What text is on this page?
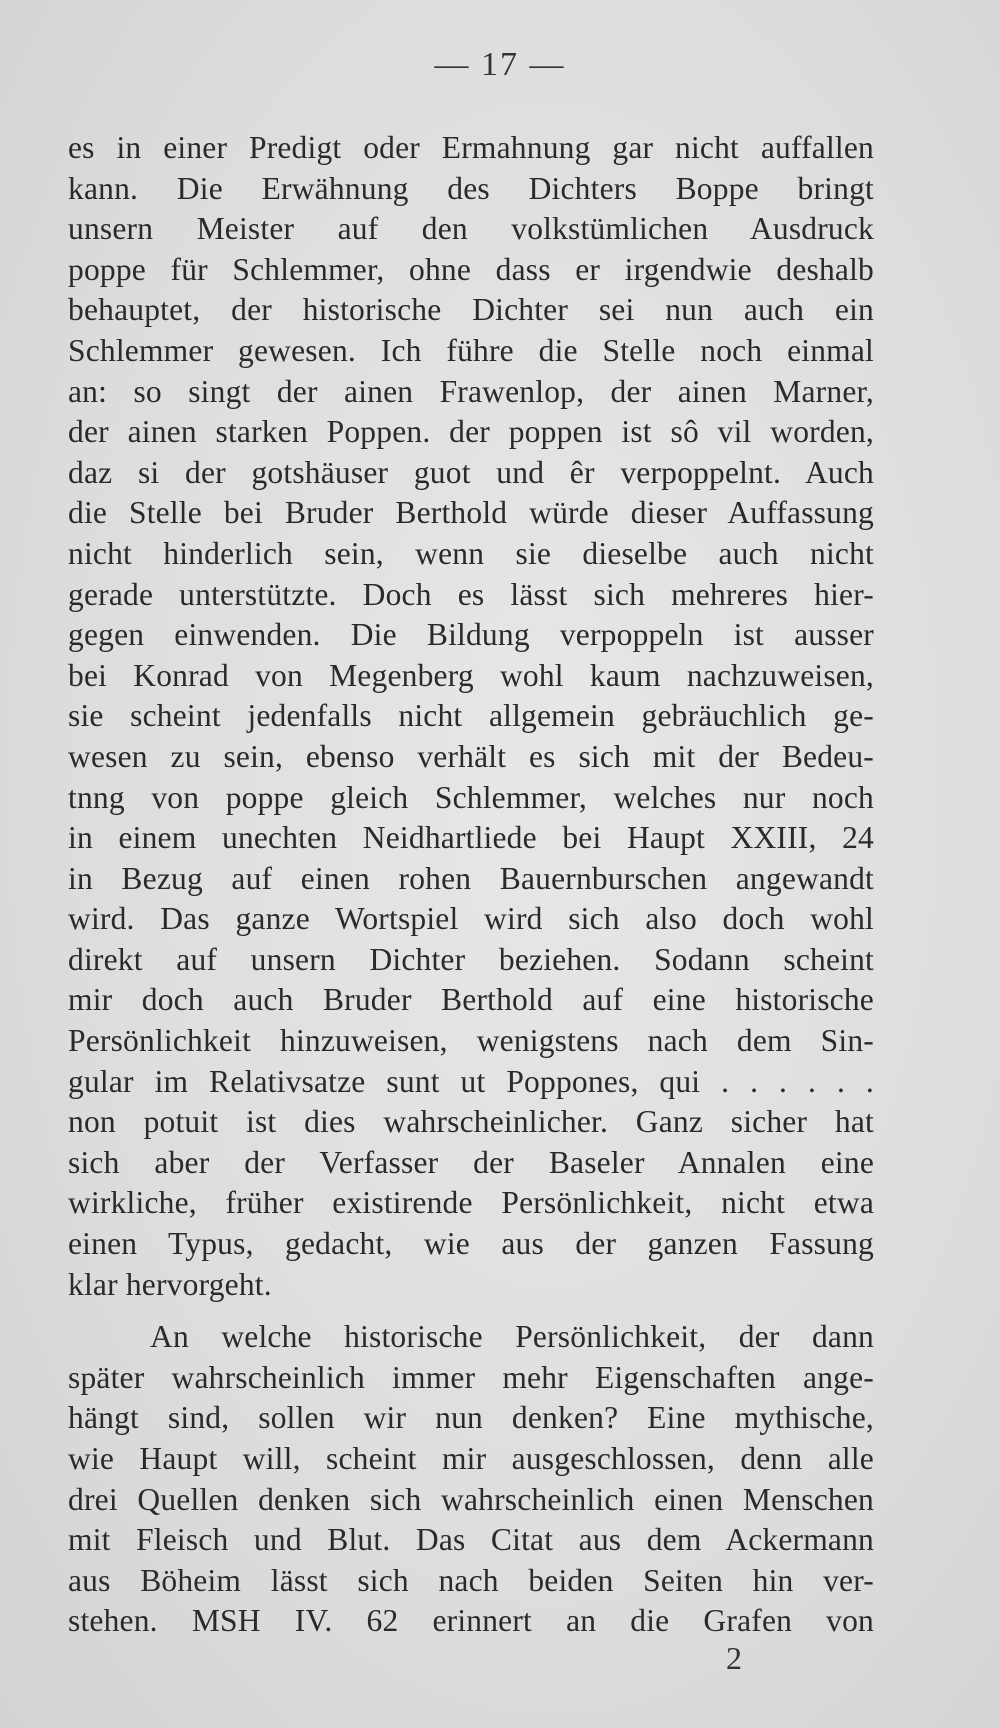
— 17 —
es in einer Predigt oder Ermahnung gar nicht auffallen
kann. Die Erwähnung des Dichters Boppe bringt
unsern Meister auf den volkstümlichen Ausdruck
poppe für Schlemmer, ohne dass er irgendwie deshalb
behauptet, der historische Dichter sei nun auch ein
Schlemmer gewesen. Ich führe die Stelle noch einmal
an: so singt der ainen Frawenlop, der ainen Marner,
der ainen starken Poppen. der poppen ist sô vil worden,
daz si der gotshäuser guot und êr verpoppelnt. Auch
die Stelle bei Bruder Berthold würde dieser Auffassung
nicht hinderlich sein, wenn sie dieselbe auch nicht
gerade unterstützte. Doch es lässt sich mehreres hier-
gegen einwenden. Die Bildung verpoppeln ist ausser
bei Konrad von Megenberg wohl kaum nachzuweisen,
sie scheint jedenfalls nicht allgemein gebräuchlich ge-
wesen zu sein, ebenso verhält es sich mit der Bedeu-
tnng von poppe gleich Schlemmer, welches nur noch
in einem unechten Neidhartliede bei Haupt XXIII, 24
in Bezug auf einen rohen Bauernburschen angewandt
wird. Das ganze Wortspiel wird sich also doch wohl
direkt auf unsern Dichter beziehen. Sodann scheint
mir doch auch Bruder Berthold auf eine historische
Persönlichkeit hinzuweisen, wenigstens nach dem Sin-
gular im Relativsatze sunt ut Poppones, qui . . . . . .
non potuit ist dies wahrscheinlicher. Ganz sicher hat
sich aber der Verfasser der Baseler Annalen eine
wirkliche, früher existirende Persönlichkeit, nicht etwa
einen Typus, gedacht, wie aus der ganzen Fassung
klar hervorgeht.
An welche historische Persönlichkeit, der dann
später wahrscheinlich immer mehr Eigenschaften ange-
hängt sind, sollen wir nun denken? Eine mythische,
wie Haupt will, scheint mir ausgeschlossen, denn alle
drei Quellen denken sich wahrscheinlich einen Menschen
mit Fleisch und Blut. Das Citat aus dem Ackermann
aus Böheim lässt sich nach beiden Seiten hin ver-
stehen. MSH IV. 62 erinnert an die Grafen von
2
